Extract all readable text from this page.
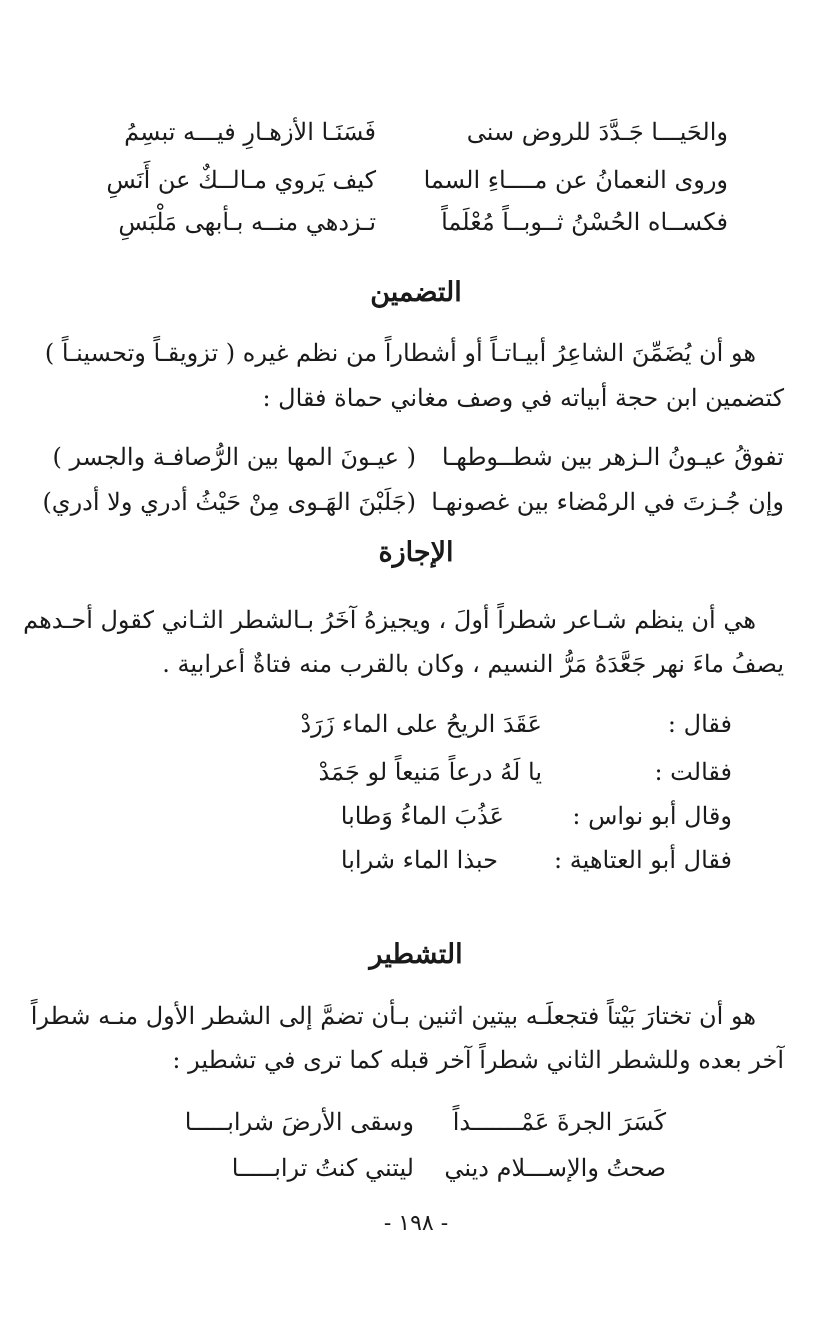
والحَيـــا جَـدَّدَ للروض سنى
فَسَنَـا الأزهـارِ فيـــه تبسِمُ
وروى النعمانُ عن مــــاءِ السما
كيف يَروي مـالــكٌ عن أَنَسِ
فكســاه الحُسْنُ ثــوبــاً مُعْلَماً
تـزدهي منــه بـأبهى مَلْبَسِ
التضمين
هو أن يُضَمِّنَ الشاعِرُ أبيـاتـاً أو أشطاراً من نظم غيره ( تزويقـاً وتحسينـاً )
كتضمين ابن حجة أبياته في وصف مغاني حماة فقال :
تفوقُ عيـونُ الـزهر بين شطــوطهـا
( عيـونَ المها بين الرُّصافـة والجسر )
وإن جُـزتَ في الرمْضاء بين غصونهـا
(جَلَبْنَ الهَـوى مِنْ حَيْثُ أدري ولا أدري)
الإجازة
هي أن ينظم شـاعر شطراً أولَ ، ويجيزهُ آخَرُ بـالشطر الثـاني كقول أحـدهم
يصفُ ماءَ نهر جَعَّدَهُ مَرُّ النسيم ، وكان بالقرب منه فتاةٌ أعرابية .
فقال :
عَقَدَ الريحُ على الماء زَرَدْ
فقالت :
يا لَهُ درعاً مَنيعاً لو جَمَدْ
وقال أبو نواس :
عَذُبَ الماءُ وَطابا
فقال أبو العتاهية :
حبذا الماء شرابا
التشطير
هو أن تختارَ بَيْتاً فتجعلَـه بيتين اثنين بـأن تضمَّ إلى الشطر الأول منـه شطراً
آخر بعده وللشطر الثاني شطراً آخر قبله كما ترى في تشطير :
كَسَرَ الجرةَ عَمْـــــــداً
وسقى الأرضَ شرابـــــا
صحتُ والإســـلام ديني
ليتني كنتُ ترابـــــا
- ١٩٨ -
